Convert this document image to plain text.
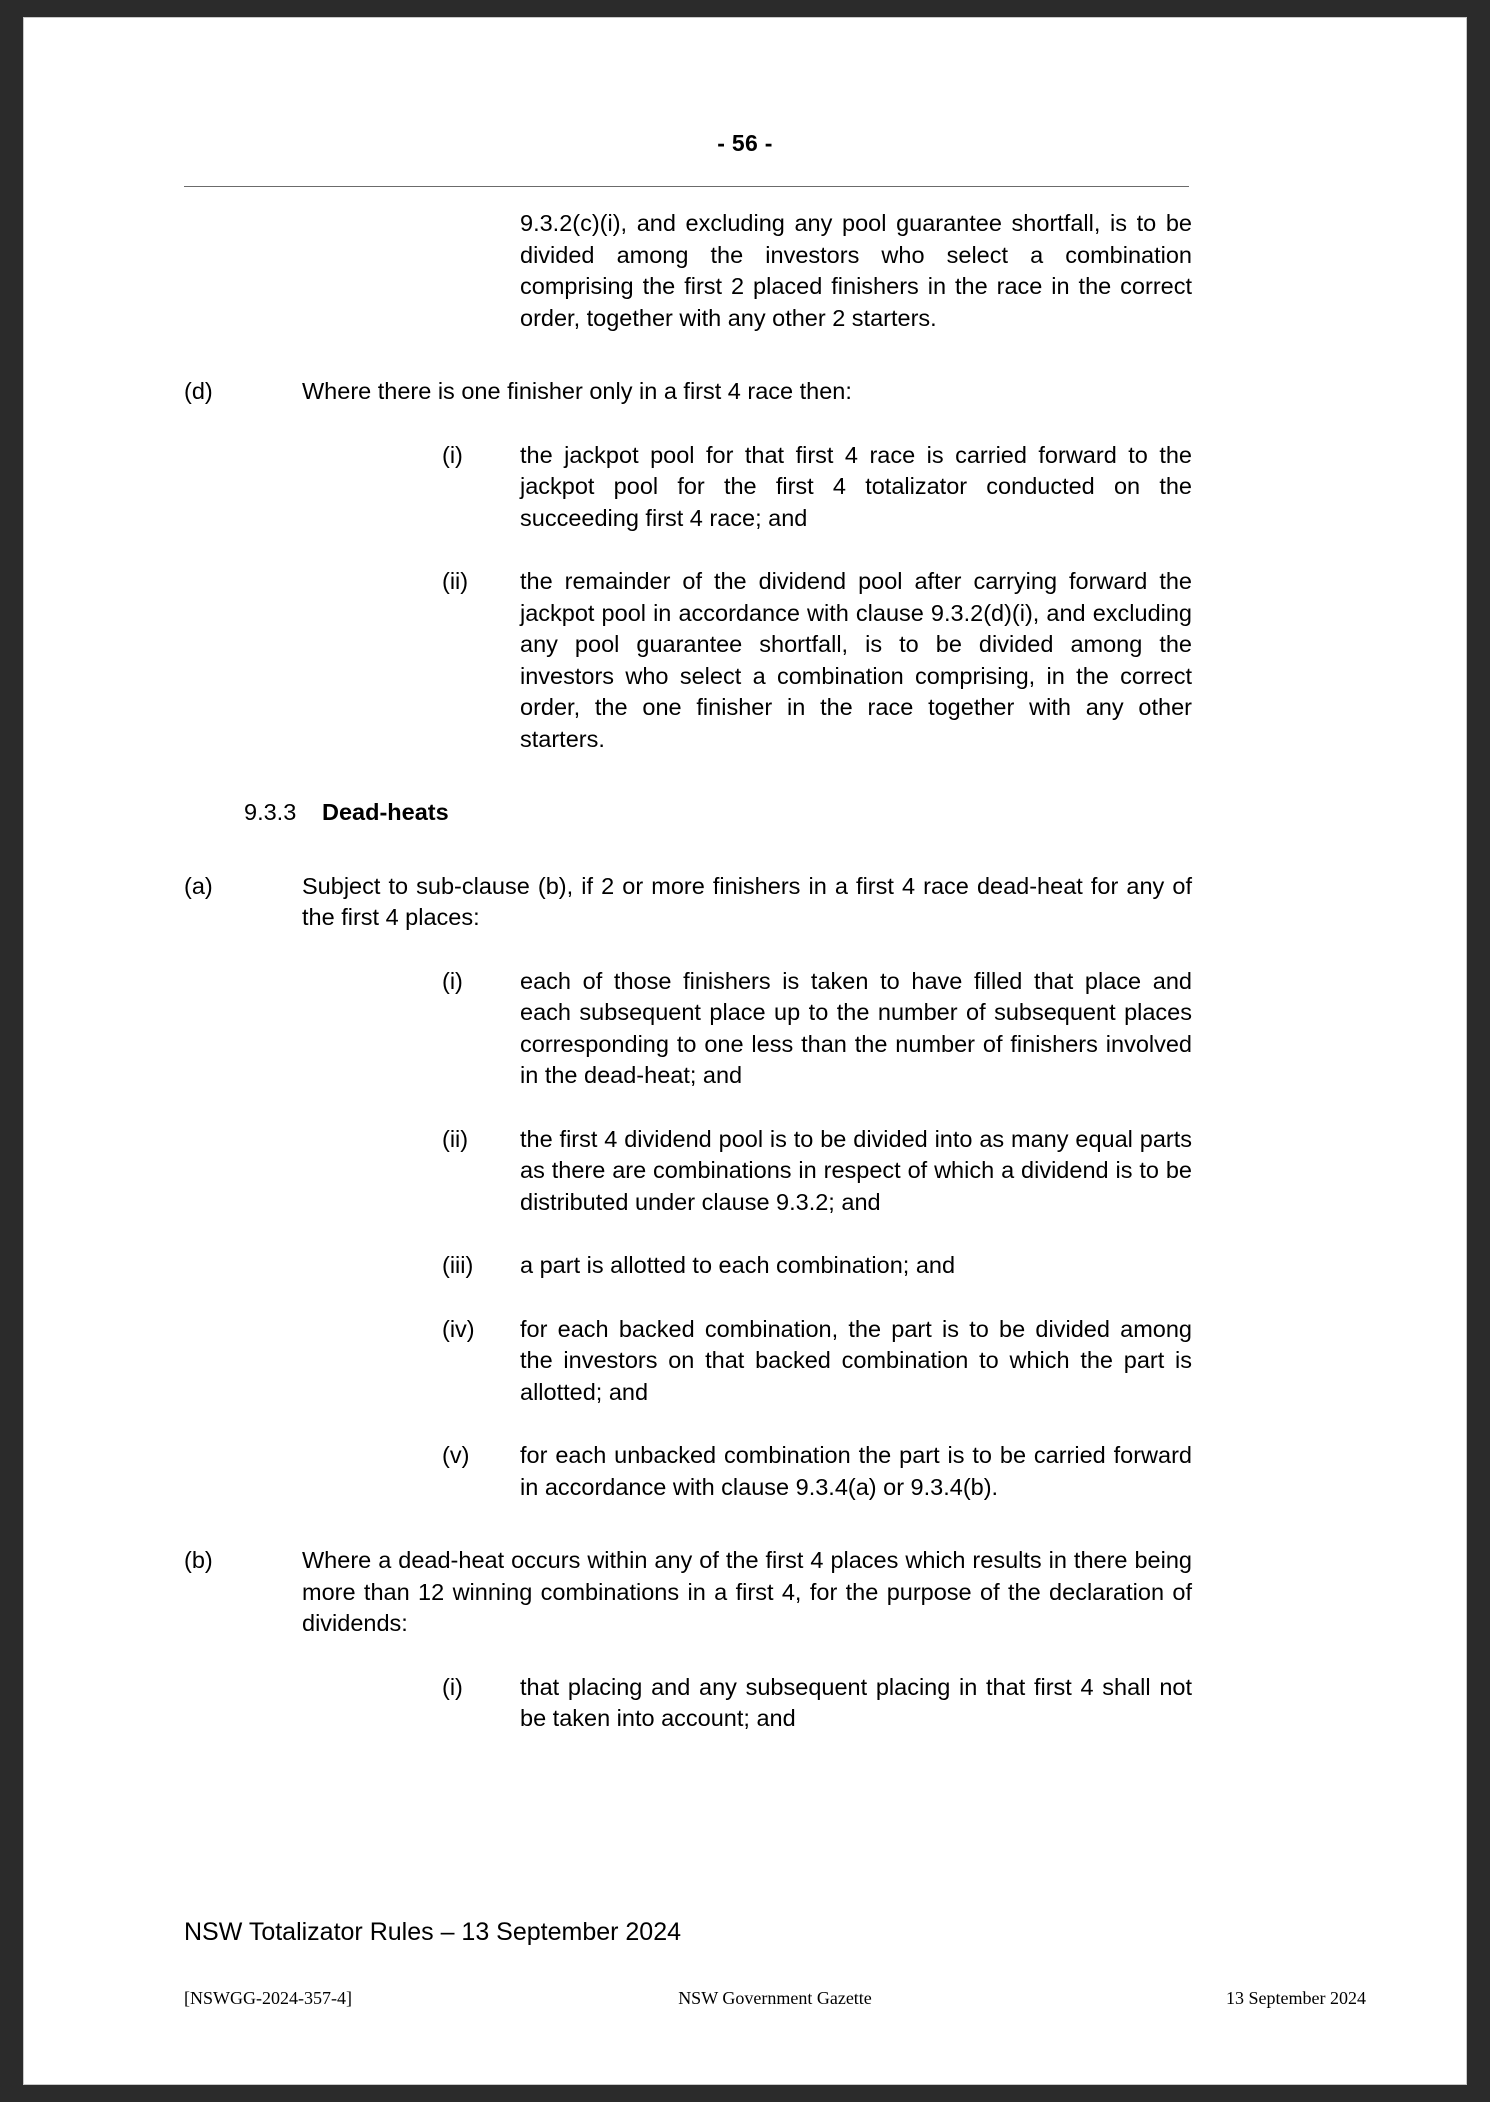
- 56 -
9.3.2(c)(i), and excluding any pool guarantee shortfall, is to be divided among the investors who select a combination comprising the first 2 placed finishers in the race in the correct order, together with any other 2 starters.
(d)	Where there is one finisher only in a first 4 race then:
(i)	the jackpot pool for that first 4 race is carried forward to the jackpot pool for the first 4 totalizator conducted on the succeeding first 4 race; and
(ii)	the remainder of the dividend pool after carrying forward the jackpot pool in accordance with clause 9.3.2(d)(i), and excluding any pool guarantee shortfall, is to be divided among the investors who select a combination comprising, in the correct order, the one finisher in the race together with any other starters.
9.3.3	Dead-heats
(a)	Subject to sub-clause (b), if 2 or more finishers in a first 4 race dead-heat for any of the first 4 places:
(i)	each of those finishers is taken to have filled that place and each subsequent place up to the number of subsequent places corresponding to one less than the number of finishers involved in the dead-heat; and
(ii)	the first 4 dividend pool is to be divided into as many equal parts as there are combinations in respect of which a dividend is to be distributed under clause 9.3.2; and
(iii)	a part is allotted to each combination; and
(iv)	for each backed combination, the part is to be divided among the investors on that backed combination to which the part is allotted; and
(v)	for each unbacked combination the part is to be carried forward in accordance with clause 9.3.4(a) or 9.3.4(b).
(b)	Where a dead-heat occurs within any of the first 4 places which results in there being more than 12 winning combinations in a first 4, for the purpose of the declaration of dividends:
(i)	that placing and any subsequent placing in that first 4 shall not be taken into account; and
NSW Totalizator Rules – 13 September 2024
[NSWGG-2024-357-4]	NSW Government Gazette	13 September 2024
